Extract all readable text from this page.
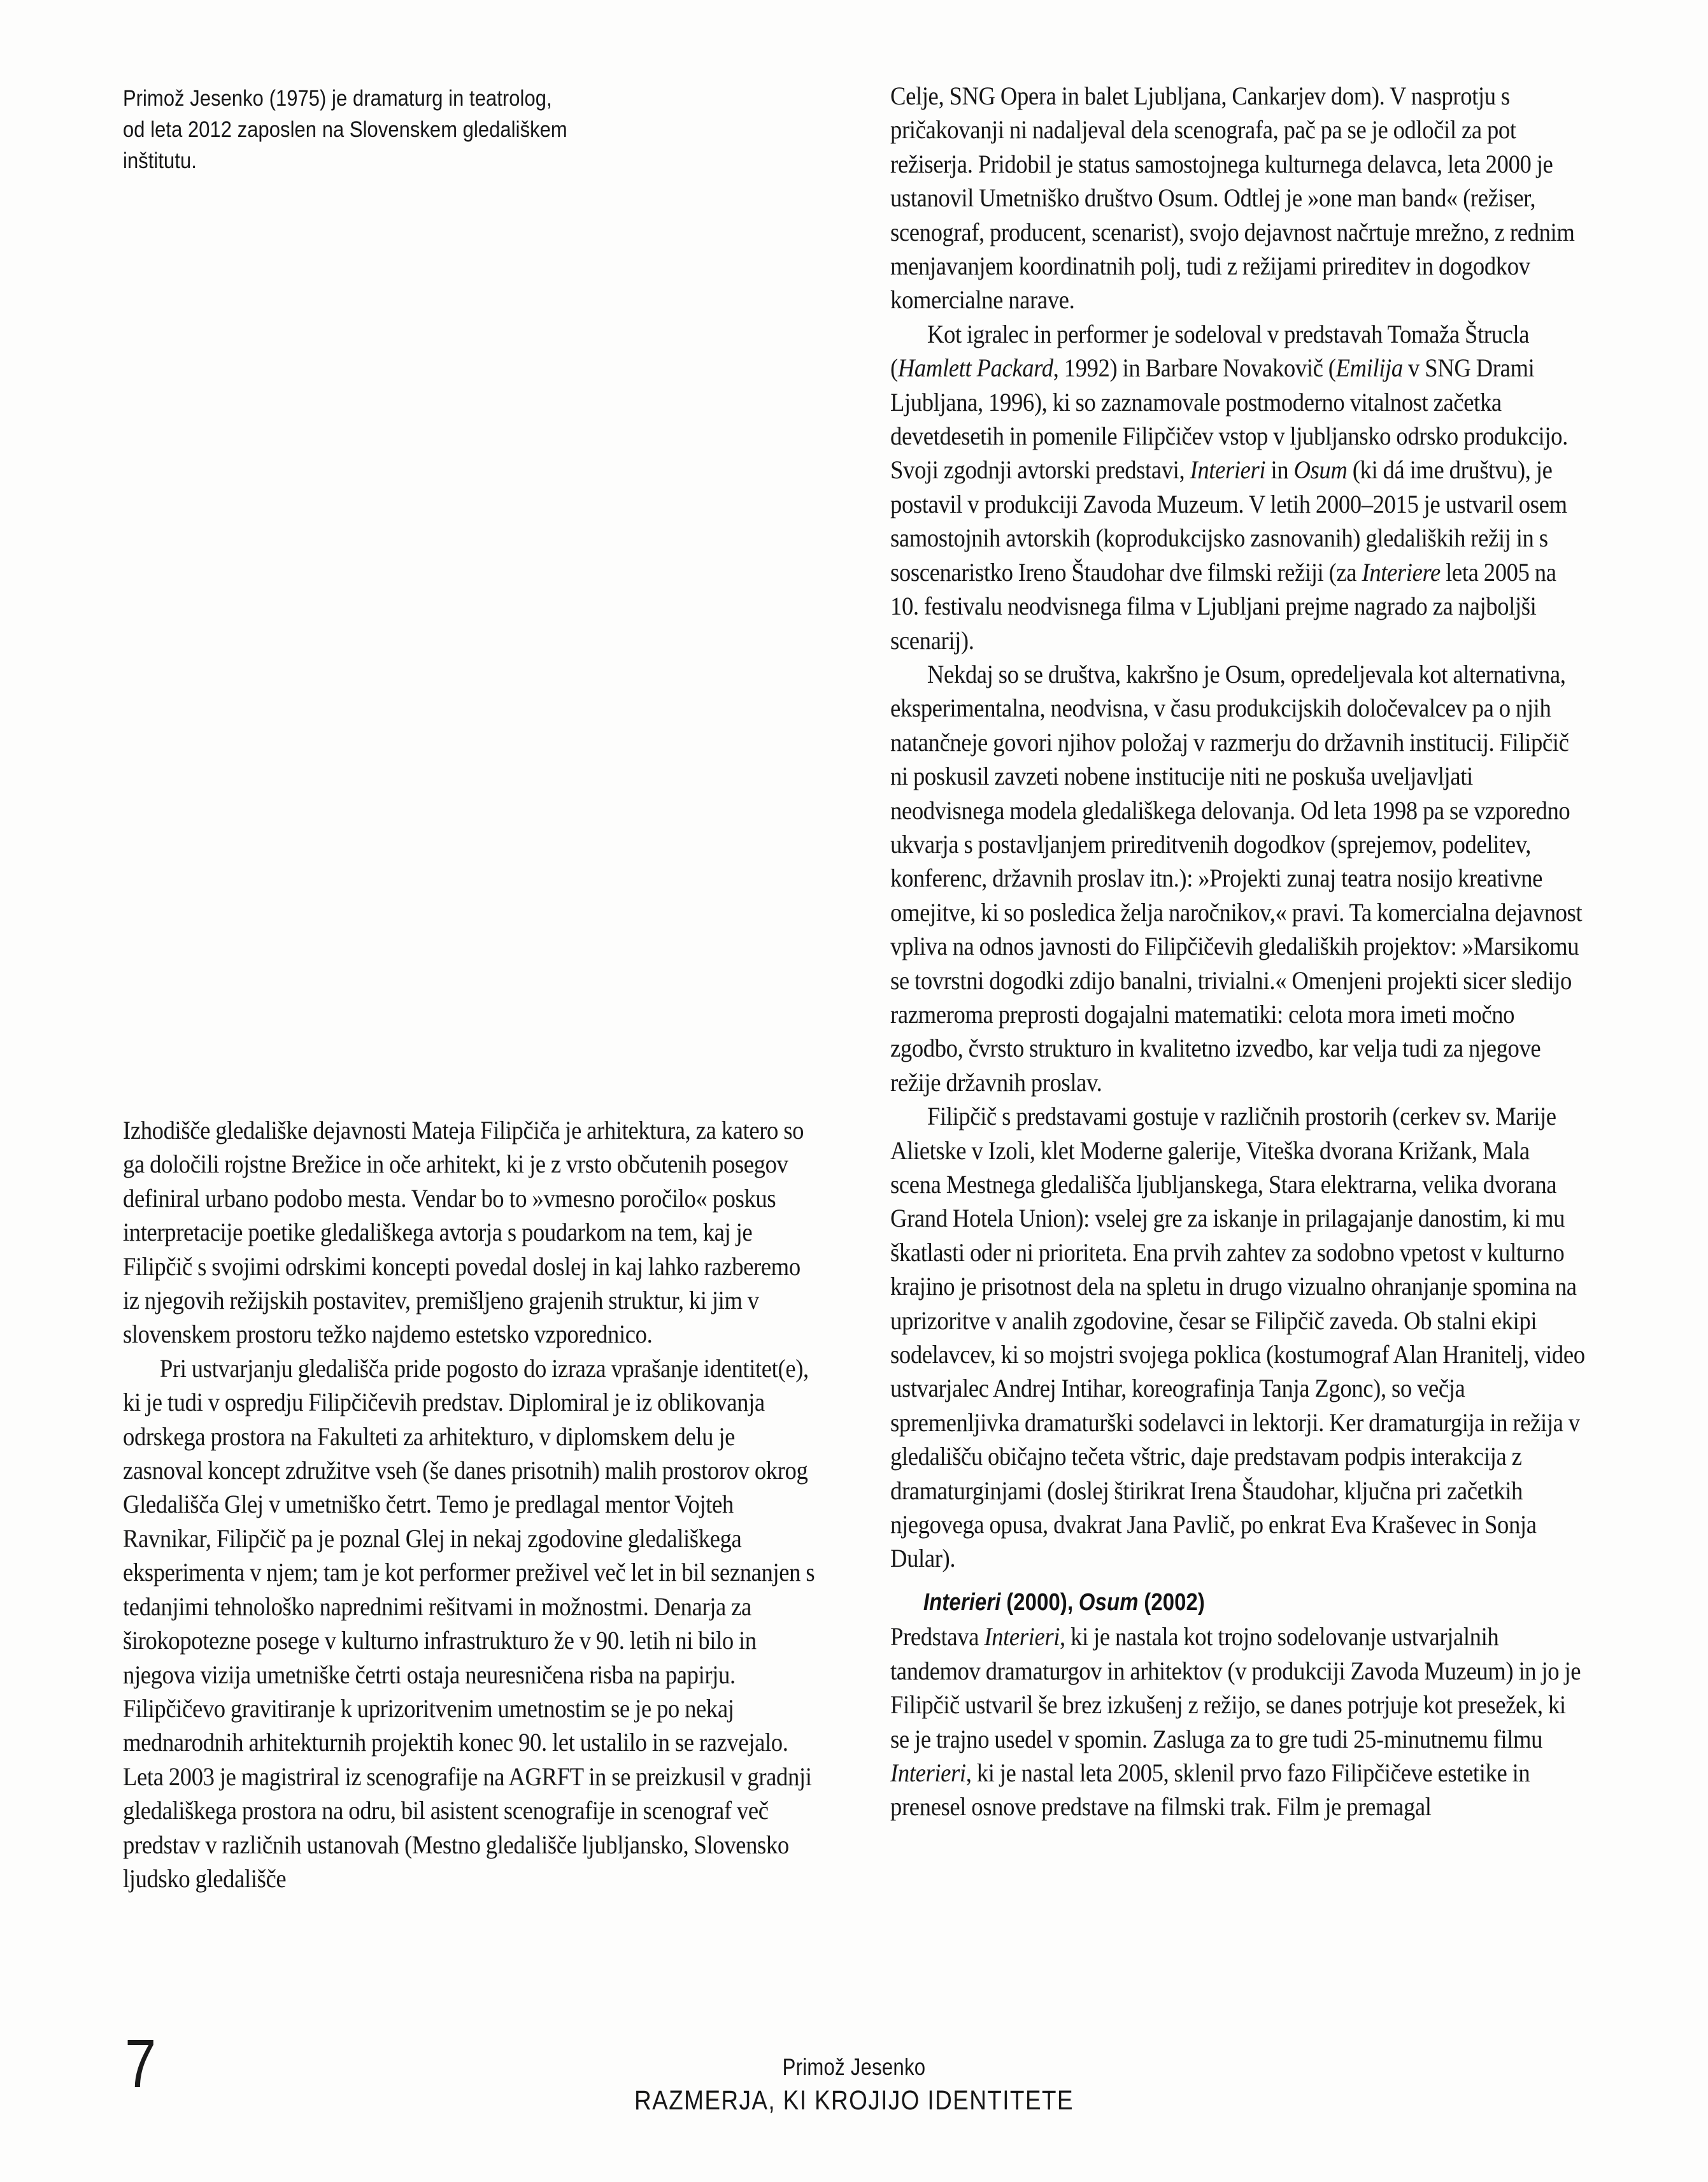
Primož Jesenko (1975) je dramaturg in teatrolog,

od leta 2012 zaposlen na Slovenskem gledališkem

inštitutu.

Izhodišče gledališke dejavnosti Mateja Filipčiča je arhitektura, za katero so ga določili rojstne Brežice in oče arhitekt, ki je z vrsto občutenih posegov definiral urbano podobo mesta. Vendar bo to »vmesno poročilo« poskus interpretacije poetike gledališkega avtorja s poudarkom na tem, kaj je Filipčič s svojimi odrskimi koncepti povedal doslej in kaj lahko razberemo iz njegovih režijskih postavitev, premišljeno grajenih struktur, ki jim v slovenskem prostoru težko najdemo estetsko vzporednico.

Pri ustvarjanju gledališča pride pogosto do izraza vprašanje identitet(e), ki je tudi v ospredju Filipčičevih predstav. Diplomiral je iz oblikovanja odrskega prostora na Fakulteti za arhitekturo, v diplomskem delu je zasnoval koncept združitve vseh (še danes prisotnih) malih prostorov okrog Gledališča Glej v umetniško četrt. Temo je predlagal mentor Vojteh Ravnikar, Filipčič pa je poznal Glej in nekaj zgodovine gledališkega eksperimenta v njem; tam je kot performer preživel več let in bil seznanjen s tedanjimi tehnološko naprednimi rešitvami in možnostmi. Denarja za širokopotezne posege v kulturno infrastrukturo že v 90. letih ni bilo in njegova vizija umetniške četrti ostaja neuresničena risba na papirju. Filipčičevo gravitiranje k uprizoritvenim umetnostim se je po nekaj mednarodnih arhitekturnih projektih konec 90. let ustalilo in se razvejalo. Leta 2003 je magistriral iz scenografije na AGRFT in se preizkusil v gradnji gledališkega prostora na odru, bil asistent scenografije in scenograf več predstav v različnih ustanovah (Mestno gledališče ljubljansko, Slovensko ljudsko gledališče

Celje, SNG Opera in balet Ljubljana, Cankarjev dom). V nasprotju s pričakovanji ni nadaljeval dela scenografa, pač pa se je odločil za pot režiserja. Pridobil je status samostojnega kulturnega delavca, leta 2000 je ustanovil Umetniško društvo Osum. Odtlej je »one man band« (režiser, scenograf, producent, scenarist), svojo dejavnost načrtuje mrežno, z rednim menjavanjem koordinatnih polj, tudi z režijami prireditev in dogodkov komercialne narave.

Kot igralec in performer je sodeloval v predstavah Tomaža Štrucla (Hamlett Packard, 1992) in Barbare Novakovič (Emilija v SNG Drami Ljubljana, 1996), ki so zaznamovale postmoderno vitalnost začetka devetdesetih in pomenile Filipčičev vstop v ljubljansko odrsko produkcijo. Svoji zgodnji avtorski predstavi, Interieri in Osum (ki dá ime društvu), je postavil v produkciji Zavoda Muzeum. V letih 2000–2015 je ustvaril osem samostojnih avtorskih (koprodukcijsko zasnovanih) gledaliških režij in s soscenaristko Ireno Štaudohar dve filmski režiji (za Interiere leta 2005 na 10. festivalu neodvisnega filma v Ljubljani prejme nagrado za najboljši scenarij).

Nekdaj so se društva, kakršno je Osum, opredeljevala kot alternativna, eksperimentalna, neodvisna, v času produkcijskih določevalcev pa o njih natančneje govori njihov položaj v razmerju do državnih institucij. Filipčič ni poskusil zavzeti nobene institucije niti ne poskuša uveljavljati neodvisnega modela gledališkega delovanja. Od leta 1998 pa se vzporedno ukvarja s postavljanjem prireditvenih dogodkov (sprejemov, podelitev, konferenc, državnih proslav itn.): »Projekti zunaj teatra nosijo kreativne omejitve, ki so posledica želja naročnikov,« pravi. Ta komercialna dejavnost vpliva na odnos javnosti do Filipčičevih gledaliških projektov: »Marsikomu se tovrstni dogodki zdijo banalni, trivialni.« Omenjeni projekti sicer sledijo razmeroma preprosti dogajalni matematiki: celota mora imeti močno zgodbo, čvrsto strukturo in kvalitetno izvedbo, kar velja tudi za njegove režije državnih proslav.

Filipčič s predstavami gostuje v različnih prostorih (cerkev sv. Marije Alietske v Izoli, klet Moderne galerije, Viteška dvorana Križank, Mala scena Mestnega gledališča ljubljanskega, Stara elektrarna, velika dvorana Grand Hotela Union): vselej gre za iskanje in prilagajanje danostim, ki mu škatlasti oder ni prioriteta. Ena prvih zahtev za sodobno vpetost v kulturno krajino je prisotnost dela na spletu in drugo vizualno ohranjanje spomina na uprizoritve v analih zgodovine, česar se Filipčič zaveda. Ob stalni ekipi sodelavcev, ki so mojstri svojega poklica (kostumograf Alan Hranitelj, video ustvarjalec Andrej Intihar, koreografinja Tanja Zgonc), so večja spremenljivka dramaturški sodelavci in lektorji. Ker dramaturgija in režija v gledališču običajno tečeta vštric, daje predstavam podpis interakcija z dramaturginjami (doslej štirikrat Irena Štaudohar, ključna pri začetkih njegovega opusa, dvakrat Jana Pavlič, po enkrat Eva Kraševec in Sonja Dular).

Interieri (2000), Osum (2002)

Predstava Interieri, ki je nastala kot trojno sodelovanje ustvarjalnih tandemov dramaturgov in arhitektov (v produkciji Zavoda Muzeum) in jo je Filipčič ustvaril še brez izkušenj z režijo, se danes potrjuje kot presežek, ki se je trajno usedel v spomin. Zasluga za to gre tudi 25-minutnemu filmu Interieri, ki je nastal leta 2005, sklenil prvo fazo Filipčičeve estetike in prenesel osnove predstave na filmski trak. Film je premagal

7	Primož Jesenko
RAZMERJA, KI KROJIJO IDENTITETE
